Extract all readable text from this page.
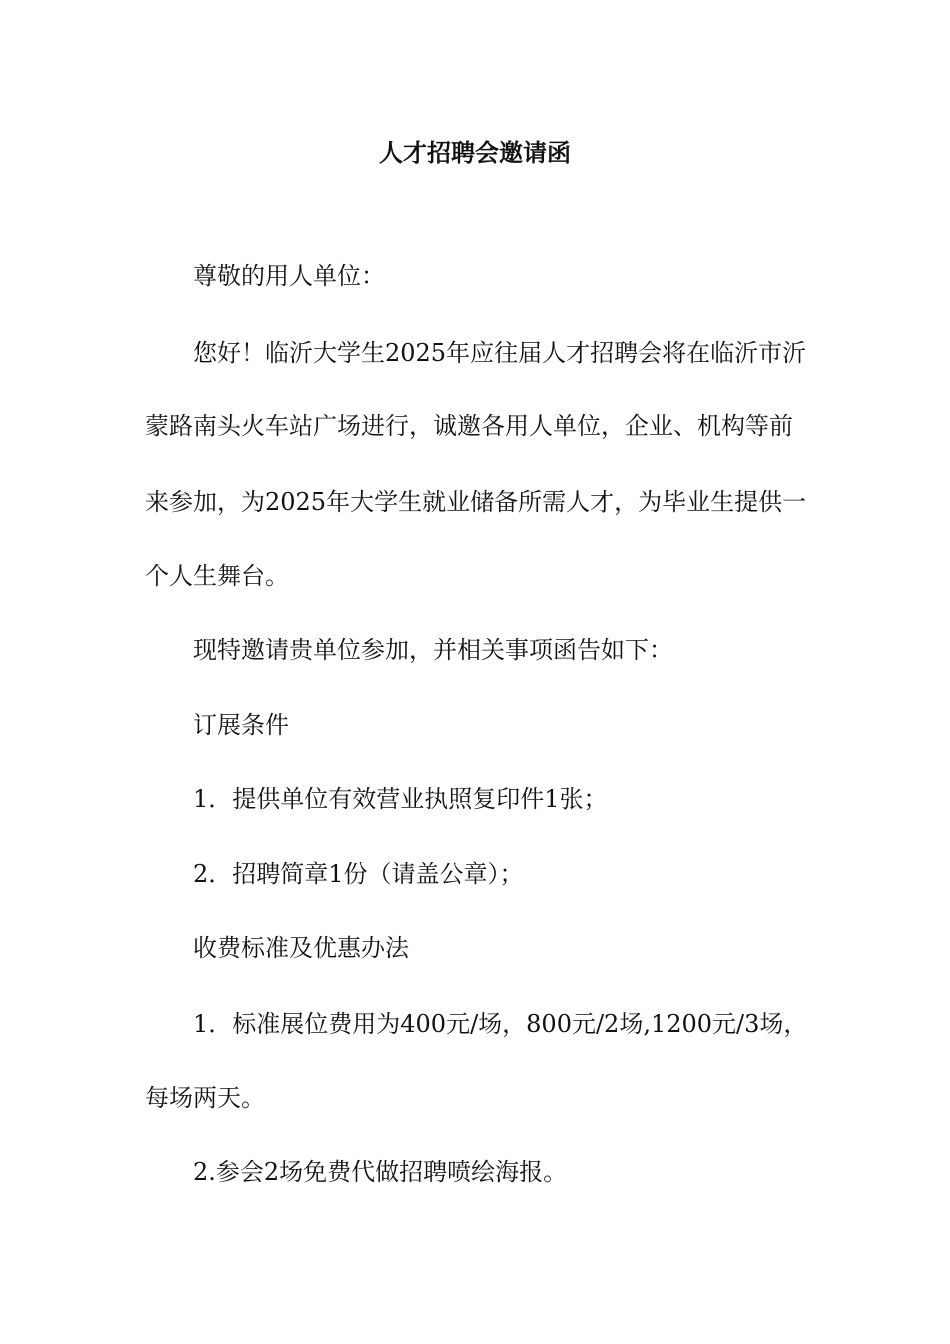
人才招聘会邀请函
尊敬的用人单位：
您好！临沂大学生2025年应往届人才招聘会将在临沂市沂
蒙路南头火车站广场进行，诚邀各用人单位，企业、机构等前
来参加，为2025年大学生就业储备所需人才，为毕业生提供一
个人生舞台。
现特邀请贵单位参加，并相关事项函告如下：
订展条件
1．提供单位有效营业执照复印件1张；
2．招聘简章1份（请盖公章）；
收费标准及优惠办法
1．标准展位费用为400元/场，800元/2场,1200元/3场，
每场两天。
2.参会2场免费代做招聘喷绘海报。
